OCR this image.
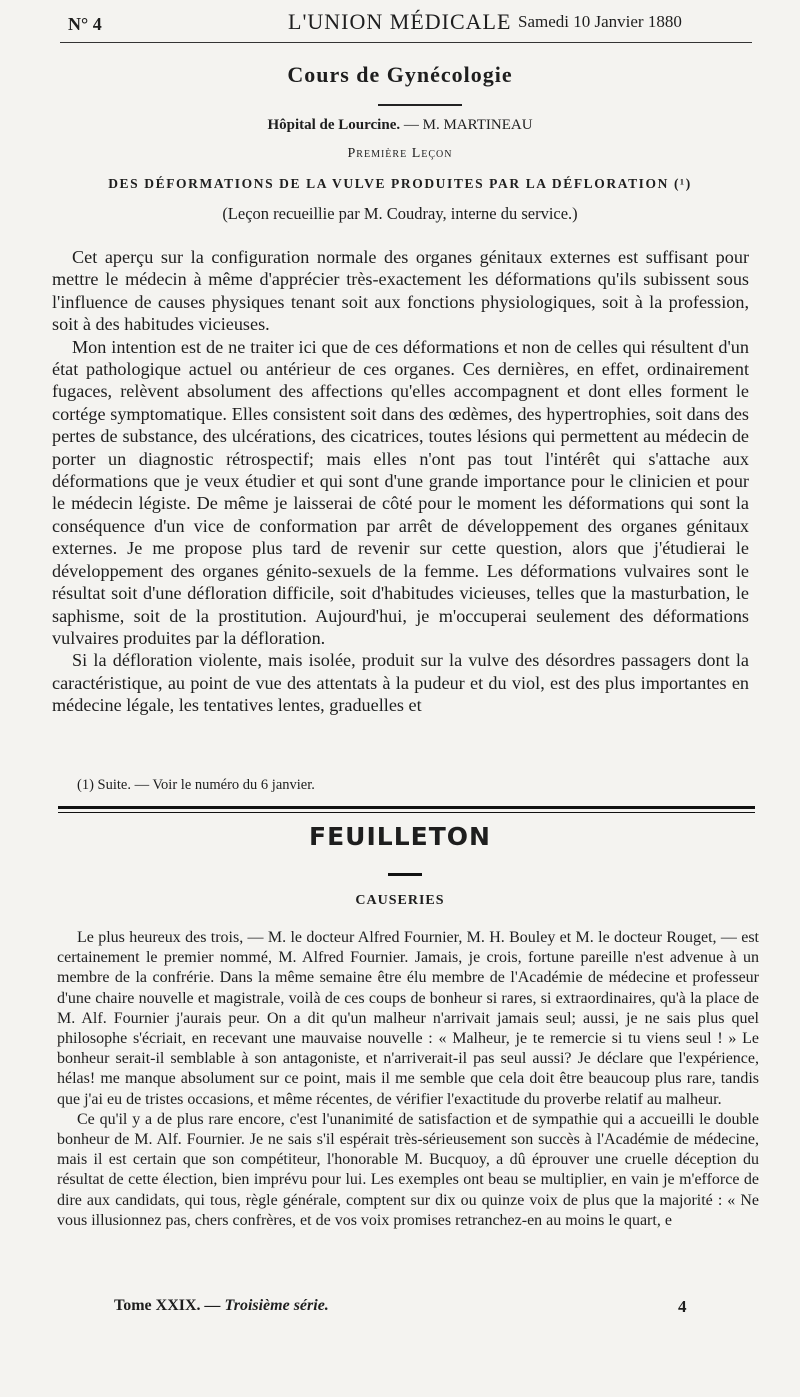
N° 4	L'UNION MÉDICALE Samedi 10 Janvier 1880
Cours de Gynécologie
Hôpital de Lourcine. — M. MARTINEAU
Première Leçon
DES DÉFORMATIONS DE LA VULVE PRODUITES PAR LA DÉFLORATION (¹)
(Leçon recueillie par M. Coudray, interne du service.)

Cet aperçu sur la configuration normale des organes génitaux externes est suffisant pour mettre le médecin à même d'apprécier très-exactement les déformations qu'ils subissent sous l'influence de causes physiques tenant soit aux fonctions physiologiques, soit à la profession, soit à des habitudes vicieuses.

Mon intention est de ne traiter ici que de ces déformations et non de celles qui résultent d'un état pathologique actuel ou antérieur de ces organes. Ces dernières, en effet, ordinairement fugaces, relèvent absolument des affections qu'elles accompagnent et dont elles forment le cortége symptomatique. Elles consistent soit dans des œdèmes, des hypertrophies, soit dans des pertes de substance, des ulcérations, des cicatrices, toutes lésions qui permettent au médecin de porter un diagnostic rétrospectif; mais elles n'ont pas tout l'intérêt qui s'attache aux déformations que je veux étudier et qui sont d'une grande importance pour le clinicien et pour le médecin légiste. De même je laisserai de côté pour le moment les déformations qui sont la conséquence d'un vice de conformation par arrêt de développement des organes génitaux externes. Je me propose plus tard de revenir sur cette question, alors que j'étudierai le développement des organes génito-sexuels de la femme. Les déformations vulvaires sont le résultat soit d'une défloration difficile, soit d'habitudes vicieuses, telles que la masturbation, le saphisme, soit de la prostitution. Aujourd'hui, je m'occuperai seulement des déformations vulvaires produites par la défloration.

Si la défloration violente, mais isolée, produit sur la vulve des désordres passagers dont la caractéristique, au point de vue des attentats à la pudeur et du viol, est des plus importantes en médecine légale, les tentatives lentes, graduelles et

(1) Suite. — Voir le numéro du 6 janvier.
FEUILLETON
CAUSERIES

Le plus heureux des trois, — M. le docteur Alfred Fournier, M. H. Bouley et M. le docteur Rouget, — est certainement le premier nommé, M. Alfred Fournier. Jamais, je crois, fortune pareille n'est advenue à un membre de la confrérie. Dans la même semaine être élu membre de l'Académie de médecine et professeur d'une chaire nouvelle et magistrale, voilà de ces coups de bonheur si rares, si extraordinaires, qu'à la place de M. Alf. Fournier j'aurais peur. On a dit qu'un malheur n'arrivait jamais seul; aussi, je ne sais plus quel philosophe s'écriait, en recevant une mauvaise nouvelle : « Malheur, je te remercie si tu viens seul ! » Le bonheur serait-il semblable à son antagoniste, et n'arriverait-il pas seul aussi? Je déclare que l'expérience, hélas! me manque absolument sur ce point, mais il me semble que cela doit être beaucoup plus rare, tandis que j'ai eu de tristes occasions, et même récentes, de vérifier l'exactitude du proverbe relatif au malheur.

Ce qu'il y a de plus rare encore, c'est l'unanimité de satisfaction et de sympathie qui a accueilli le double bonheur de M. Alf. Fournier. Je ne sais s'il espérait très-sérieusement son succès à l'Académie de médecine, mais il est certain que son compétiteur, l'honorable M. Bucquoy, a dû éprouver une cruelle déception du résultat de cette élection, bien imprévu pour lui. Les exemples ont beau se multiplier, en vain je m'efforce de dire aux candidats, qui tous, règle générale, comptent sur dix ou quinze voix de plus que la majorité : « Ne vous illusionnez pas, chers confrères, et de vos voix promises retranchez-en au moins le quart, e

Tome XXIX. — Troisième série.	4
